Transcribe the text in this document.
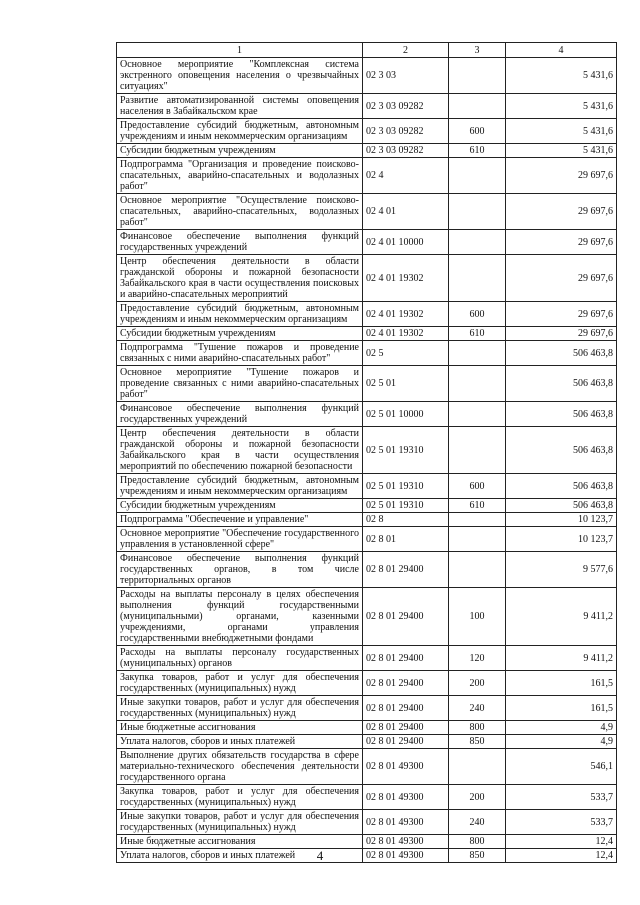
1	2	3	4
Основное мероприятие "Комплексная система экстренного оповещения населения о чрезвычайных ситуациях"	02 3 03		5 431,6
Развитие автоматизированной системы оповещения населения в Забайкальском крае	02 3 03 09282		5 431,6
Предоставление субсидий бюджетным, автономным учреждениям и иным некоммерческим организациям	02 3 03 09282	600	5 431,6
Субсидии бюджетным учреждениям	02 3 03 09282	610	5 431,6
Подпрограмма "Организация и проведение поисково-спасательных, аварийно-спасательных и водолазных работ"	02 4		29 697,6
Основное мероприятие "Осуществление поисково-спасательных, аварийно-спасательных, водолазных работ"	02 4 01		29 697,6
Финансовое обеспечение выполнения функций государственных учреждений	02 4 01 10000		29 697,6
Центр обеспечения деятельности в области гражданской обороны и пожарной безопасности Забайкальского края в части осуществления поисковых и аварийно-спасательных мероприятий	02 4 01 19302		29 697,6
Предоставление субсидий бюджетным, автономным учреждениям и иным некоммерческим организациям	02 4 01 19302	600	29 697,6
Субсидии бюджетным учреждениям	02 4 01 19302	610	29 697,6
Подпрограмма "Тушение пожаров и проведение связанных с ними аварийно-спасательных работ"	02 5		506 463,8
Основное мероприятие "Тушение пожаров и проведение связанных с ними аварийно-спасательных работ"	02 5 01		506 463,8
Финансовое обеспечение выполнения функций государственных учреждений	02 5 01 10000		506 463,8
Центр обеспечения деятельности в области гражданской обороны и пожарной безопасности Забайкальского края в части осуществления мероприятий по обеспечению пожарной безопасности	02 5 01 19310		506 463,8
Предоставление субсидий бюджетным, автономным учреждениям и иным некоммерческим организациям	02 5 01 19310	600	506 463,8
Субсидии бюджетным учреждениям	02 5 01 19310	610	506 463,8
Подпрограмма "Обеспечение и управление"	02 8		10 123,7
Основное мероприятие "Обеспечение государственного управления в установленной сфере"	02 8 01		10 123,7
Финансовое обеспечение выполнения функций государственных органов, в том числе территориальных органов	02 8 01 29400		9 577,6
Расходы на выплаты персоналу в целях обеспечения выполнения функций государственными (муниципальными) органами, казенными учреждениями, органами управления государственными внебюджетными фондами	02 8 01 29400	100	9 411,2
Расходы на выплаты персоналу государственных (муниципальных) органов	02 8 01 29400	120	9 411,2
Закупка товаров, работ и услуг для обеспечения государственных (муниципальных) нужд	02 8 01 29400	200	161,5
Иные закупки товаров, работ и услуг для обеспечения государственных (муниципальных) нужд	02 8 01 29400	240	161,5
Иные бюджетные ассигнования	02 8 01 29400	800	4,9
Уплата налогов, сборов и иных платежей	02 8 01 29400	850	4,9
Выполнение других обязательств государства в сфере материально-технического обеспечения деятельности государственного органа	02 8 01 49300		546,1
Закупка товаров, работ и услуг для обеспечения государственных (муниципальных) нужд	02 8 01 49300	200	533,7
Иные закупки товаров, работ и услуг для обеспечения государственных (муниципальных) нужд	02 8 01 49300	240	533,7
Иные бюджетные ассигнования	02 8 01 49300	800	12,4
Уплата налогов, сборов и иных платежей	02 8 01 49300	850	12,4
4
